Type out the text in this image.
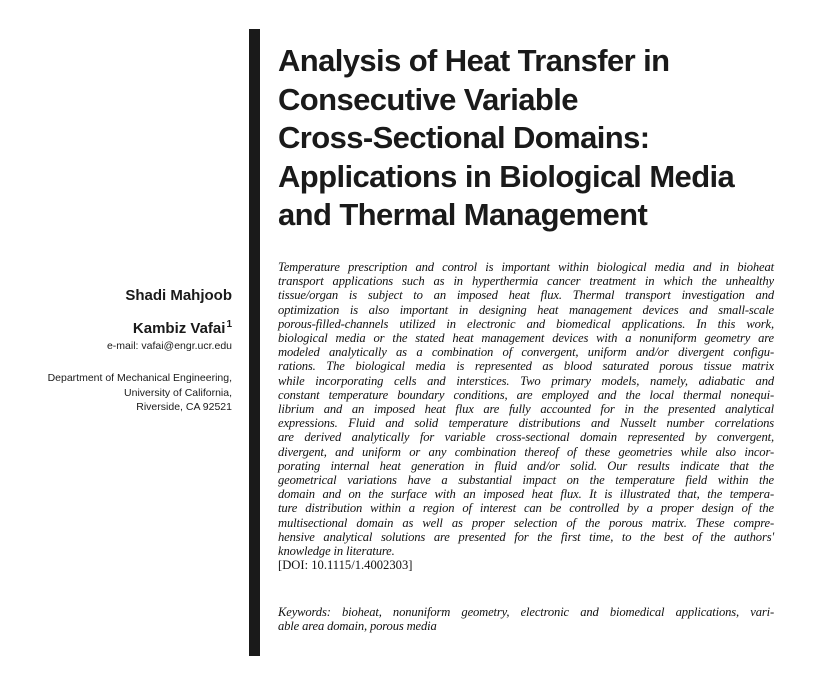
Analysis of Heat Transfer in
Consecutive Variable
Cross-Sectional Domains:
Applications in Biological Media
and Thermal Management
Shadi Mahjoob
Kambiz Vafai$^1$
e-mail: vafai@engr.ucr.edu
Department of Mechanical Engineering,
University of California,
Riverside, CA 92521
Temperature prescription and control is important within biological media and in bioheat
transport applications such as in hyperthermia cancer treatment in which the unhealthy
tissue/organ is subject to an imposed heat flux. Thermal transport investigation and
optimization is also important in designing heat management devices and small-scale
porous-filled-channels utilized in electronic and biomedical applications. In this work,
biological media or the stated heat management devices with a nonuniform geometry are
modeled analytically as a combination of convergent, uniform and/or divergent configu-
rations. The biological media is represented as blood saturated porous tissue matrix
while incorporating cells and interstices. Two primary models, namely, adiabatic and
constant temperature boundary conditions, are employed and the local thermal nonequi-
librium and an imposed heat flux are fully accounted for in the presented analytical
expressions. Fluid and solid temperature distributions and Nusselt number correlations
are derived analytically for variable cross-sectional domain represented by convergent,
divergent, and uniform or any combination thereof of these geometries while also incor-
porating internal heat generation in fluid and/or solid. Our results indicate that the
geometrical variations have a substantial impact on the temperature field within the
domain and on the surface with an imposed heat flux. It is illustrated that, the tempera-
ture distribution within a region of interest can be controlled by a proper design of the
multisectional domain as well as proper selection of the porous matrix. These compre-
hensive analytical solutions are presented for the first time, to the best of the authors'
knowledge in literature.
[DOI: 10.1115/1.4002303]
Keywords: bioheat, nonuniform geometry, electronic and biomedical applications, vari-
able area domain, porous media
